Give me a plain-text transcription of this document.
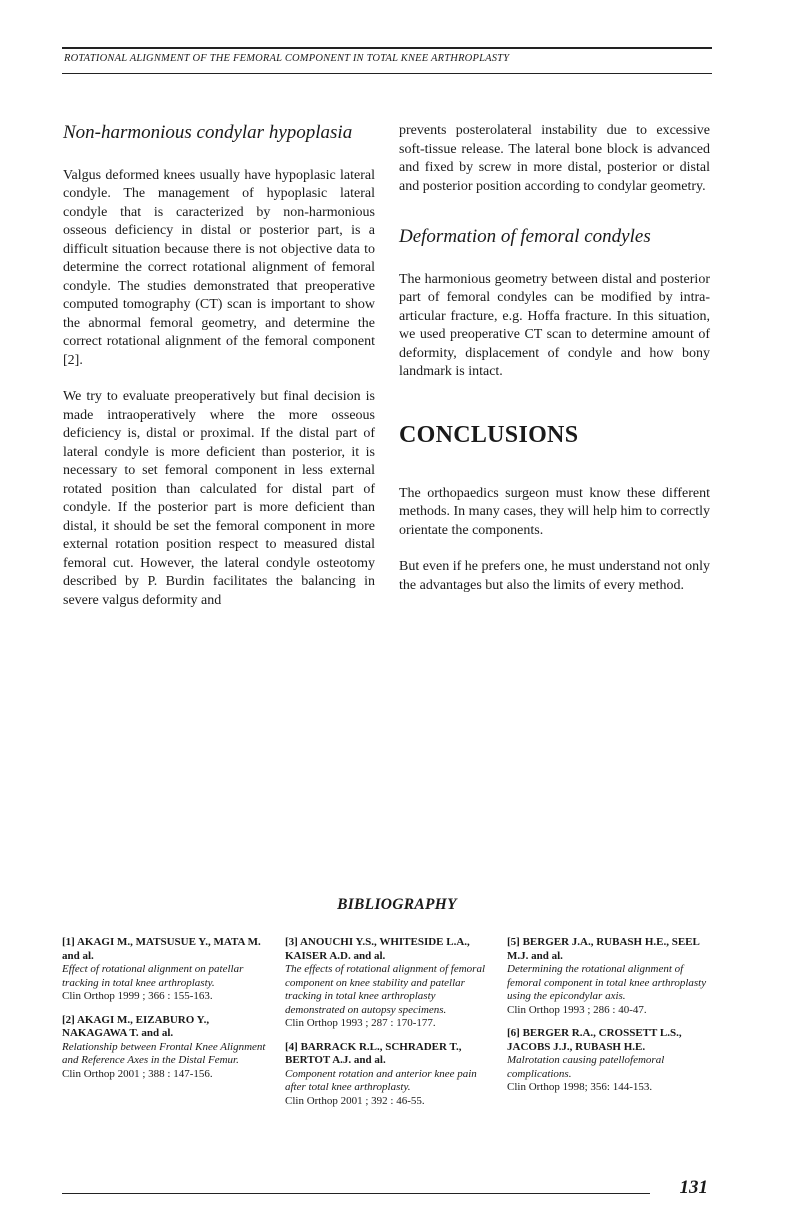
ROTATIONAL ALIGNMENT OF THE FEMORAL COMPONENT IN TOTAL KNEE ARTHROPLASTY
Non-harmonious condylar hypoplasia

Valgus deformed knees usually have hypoplasic lateral condyle. The management of hypoplasic lateral condyle that is caracterized by non-harmonious osseous deficiency in distal or posterior part, is a difficult situation because there is not objective data to determine the correct rotational alignment of femoral condyle. The studies demonstrated that preoperative computed tomography (CT) scan is important to show the abnormal femoral geometry, and determine the correct rotational alignment of the femoral component [2].

We try to evaluate preoperatively but final decision is made intraoperatively where the more osseous deficiency is, distal or proximal. If the distal part of lateral condyle is more deficient than posterior, it is necessary to set femoral component in less external rotated position than calculated for distal part of condyle. If the posterior part is more deficient than distal, it should be set the femoral component in more external rotation position respect to measured distal femoral cut. However, the lateral condyle osteotomy described by P. Burdin facilitates the balancing in severe valgus deformity and

prevents posterolateral instability due to excessive soft-tissue release. The lateral bone block is advanced and fixed by screw in more distal, posterior or distal and posterior position according to condylar geometry.

Deformation of femoral condyles

The harmonious geometry between distal and posterior part of femoral condyles can be modified by intra-articular fracture, e.g. Hoffa fracture. In this situation, we used preoperative CT scan to determine amount of deformity, displacement of condyle and how bony landmark is intact.

CONCLUSIONS

The orthopaedics surgeon must know these different methods. In many cases, they will help him to correctly orientate the components.

But even if he prefers one, he must understand not only the advantages but also the limits of every method.

BIBLIOGRAPHY
[1] AKAGI M., MATSUSUE Y., MATA M. and al.
Effect of rotational alignment on patellar tracking in total knee arthroplasty.
Clin Orthop 1999 ; 366 : 155-163.
[2] AKAGI M., EIZABURO Y., NAKAGAWA T. and al.
Relationship between Frontal Knee Alignment and Reference Axes in the Distal Femur.
Clin Orthop 2001 ; 388 : 147-156.
[3] ANOUCHI Y.S., WHITESIDE L.A., KAISER A.D. and al.
The effects of rotational alignment of femoral component on knee stability and patellar tracking in total knee arthroplasty demonstrated on autopsy specimens.
Clin Orthop 1993 ; 287 : 170-177.
[4] BARRACK R.L., SCHRADER T., BERTOT A.J. and al.
Component rotation and anterior knee pain after total knee arthroplasty.
Clin Orthop 2001 ; 392 : 46-55.
[5] BERGER J.A., RUBASH H.E., SEEL M.J. and al.
Determining the rotational alignment of femoral component in total knee arthroplasty using the epicondylar axis.
Clin Orthop 1993 ; 286 : 40-47.
[6] BERGER R.A., CROSSETT L.S., JACOBS J.J., RUBASH H.E.
Malrotation causing patellofemoral complications.
Clin Orthop 1998; 356: 144-153.
131
